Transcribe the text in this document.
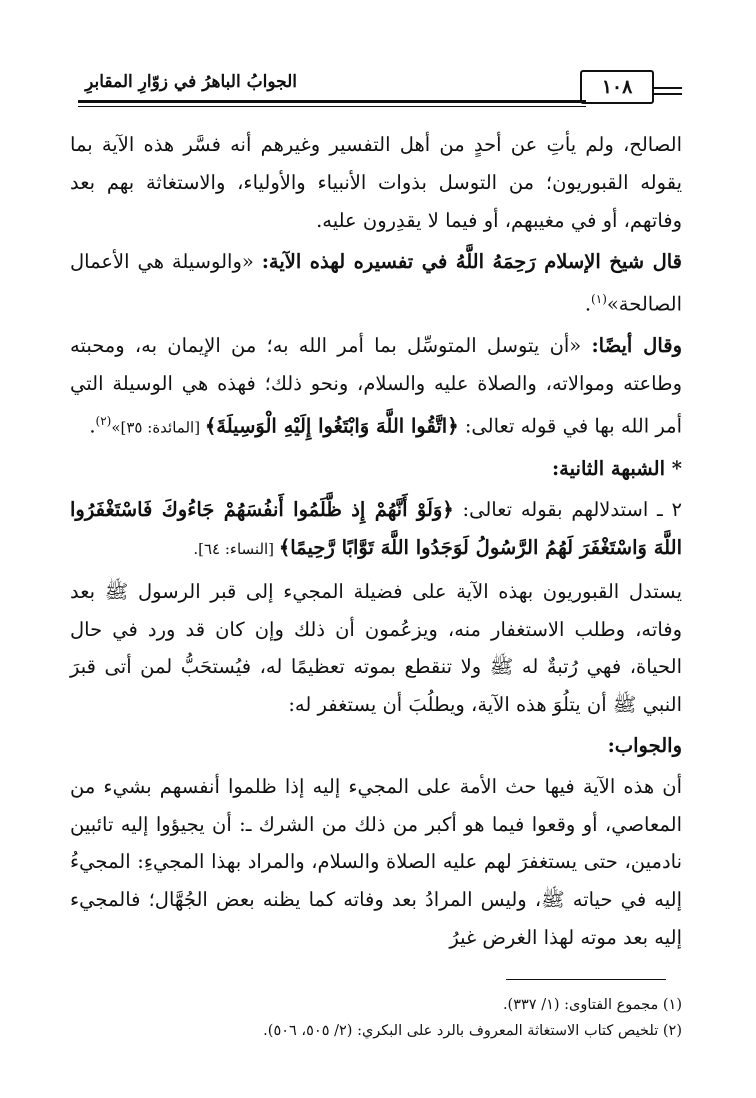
الجوابُ الباهرُ في زوّارِ المقابرِ	١٠٨

الصالح، ولم يأتِ عن أحدٍ من أهل التفسير وغيرهم أنه فسَّر هذه الآية بما يقوله القبوريون؛ من التوسل بذوات الأنبياء والأولياء، والاستغاثة بهم بعد وفاتهم، أو في مغيبهم، أو فيما لا يقدِرون عليه.

قال شيخ الإسلام رَحِمَهُ اللَّهُ في تفسيره لهذه الآية: «والوسيلة هي الأعمال الصالحة»$^{(١)}$.

وقال أيضًا: «أن يتوسل المتوسِّل بما أمر الله به؛ من الإيمان به، ومحبته وطاعته وموالاته، والصلاة عليه والسلام، ونحو ذلك؛ فهذه هي الوسيلة التي أمر الله بها في قوله تعالى: ﴿اتَّقُوا اللَّهَ وَابْتَغُوا إِلَيْهِ الْوَسِيلَةَ﴾ [المائدة: ٣٥]»$^{(٢)}$.

* الشبهة الثانية:

٢ ـ استدلالهم بقوله تعالى: ﴿وَلَوْ أَنَّهُمْ إِذ ظَّلَمُوا أَنفُسَهُمْ جَاءُوكَ فَاسْتَغْفَرُوا اللَّهَ وَاسْتَغْفَرَ لَهُمُ الرَّسُولُ لَوَجَدُوا اللَّهَ تَوَّابًا رَّحِيمًا﴾ [النساء: ٦٤].

يستدل القبوريون بهذه الآية على فضيلة المجيء إلى قبر الرسول ﷺ بعد وفاته، وطلب الاستغفار منه، ويزعُمون أن ذلك وإن كان قد ورد في حال الحياة، فهي رُتبةٌ له ﷺ ولا تنقطع بموته تعظيمًا له، فيُستحَبُّ لمن أتى قبرَ النبي ﷺ أن يتلُوَ هذه الآية، ويطلُبَ أن يستغفر له:

والجواب:

أن هذه الآية فيها حث الأمة على المجيء إليه إذا ظلموا أنفسهم بشيء من المعاصي، أو وقعوا فيما هو أكبر من ذلك من الشرك ـ: أن يجيؤوا إليه تائبين نادمين، حتى يستغفرَ لهم عليه الصلاة والسلام، والمراد بهذا المجيءِ: المجيءُ إليه في حياته ﷺ، وليس المرادُ بعد وفاته كما يظنه بعض الجُهَّال؛ فالمجيء إليه بعد موته لهذا الغرض غيرُ

(١) مجموع الفتاوى: (١/ ٣٣٧).
(٢) تلخيص كتاب الاستغاثة المعروف بالرد على البكري: (٢/ ٥٠٥، ٥٠٦).
